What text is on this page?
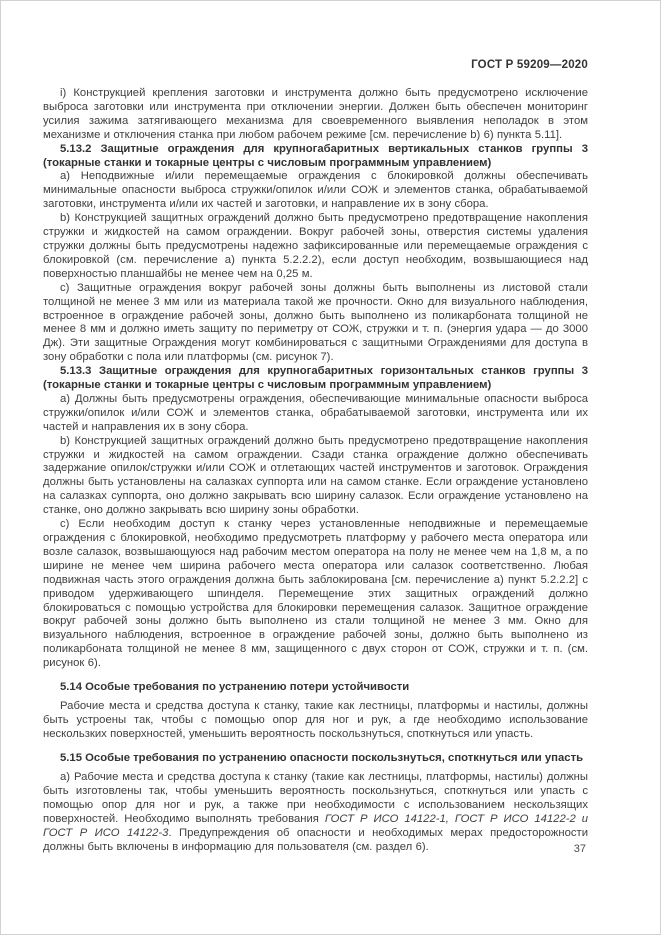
ГОСТ Р 59209—2020

i) Конструкцией крепления заготовки и инструмента должно быть предусмотрено исключение выброса заготовки или инструмента при отключении энергии. Должен быть обеспечен мониторинг усилия зажима затягивающего механизма для своевременного выявления неполадок в этом механизме и отключения станка при любом рабочем режиме [см. перечисление b) 6) пункта 5.11].

5.13.2 Защитные ограждения для крупногабаритных вертикальных станков группы 3 (токарные станки и токарные центры с числовым программным управлением)

a) Неподвижные и/или перемещаемые ограждения с блокировкой должны обеспечивать минимальные опасности выброса стружки/опилок и/или СОЖ и элементов станка, обрабатываемой заготовки, инструмента и/или их частей и заготовки, и направление их в зону сбора.

b) Конструкцией защитных ограждений должно быть предусмотрено предотвращение накопления стружки и жидкостей на самом ограждении. Вокруг рабочей зоны, отверстия системы удаления стружки должны быть предусмотрены надежно зафиксированные или перемещаемые ограждения с блокировкой (см. перечисление a) пункта 5.2.2.2), если доступ необходим, возвышающиеся над поверхностью планшайбы не менее чем на 0,25 м.

c) Защитные ограждения вокруг рабочей зоны должны быть выполнены из листовой стали толщиной не менее 3 мм или из материала такой же прочности. Окно для визуального наблюдения, встроенное в ограждение рабочей зоны, должно быть выполнено из поликарбоната толщиной не менее 8 мм и должно иметь защиту по периметру от СОЖ, стружки и т. п. (энергия удара — до 3000 Дж). Эти защитные Ограждения могут комбинироваться с защитными Ограждениями для доступа в зону обработки с пола или платформы (см. рисунок 7).

5.13.3 Защитные ограждения для крупногабаритных горизонтальных станков группы 3 (токарные станки и токарные центры с числовым программным управлением)

a) Должны быть предусмотрены ограждения, обеспечивающие минимальные опасности выброса стружки/опилок и/или СОЖ и элементов станка, обрабатываемой заготовки, инструмента или их частей и направления их в зону сбора.

b) Конструкцией защитных ограждений должно быть предусмотрено предотвращение накопления стружки и жидкостей на самом ограждении. Сзади станка ограждение должно обеспечивать задержание опилок/стружки и/или СОЖ и отлетающих частей инструментов и заготовок. Ограждения должны быть установлены на салазках суппорта или на самом станке. Если ограждение установлено на салазках суппорта, оно должно закрывать всю ширину салазок. Если ограждение установлено на станке, оно должно закрывать всю ширину зоны обработки.

c) Если необходим доступ к станку через установленные неподвижные и перемещаемые ограждения с блокировкой, необходимо предусмотреть платформу у рабочего места оператора или возле салазок, возвышающуюся над рабочим местом оператора на полу не менее чем на 1,8 м, а по ширине не менее чем ширина рабочего места оператора или салазок соответственно. Любая подвижная часть этого ограждения должна быть заблокирована [см. перечисление a) пункт 5.2.2.2] с приводом удерживающего шпинделя. Перемещение этих защитных ограждений должно блокироваться с помощью устройства для блокировки перемещения салазок. Защитное ограждение вокруг рабочей зоны должно быть выполнено из стали толщиной не менее 3 мм. Окно для визуального наблюдения, встроенное в ограждение рабочей зоны, должно быть выполнено из поликарбоната толщиной не менее 8 мм, защищенного с двух сторон от СОЖ, стружки и т. п. (см. рисунок 6).

5.14 Особые требования по устранению потери устойчивости

Рабочие места и средства доступа к станку, такие как лестницы, платформы и настилы, должны быть устроены так, чтобы с помощью опор для ног и рук, а где необходимо использование нескользких поверхностей, уменьшить вероятность поскользнуться, споткнуться или упасть.

5.15 Особые требования по устранению опасности поскользнуться, споткнуться или упасть

a) Рабочие места и средства доступа к станку (такие как лестницы, платформы, настилы) должны быть изготовлены так, чтобы уменьшить вероятность поскользнуться, споткнуться или упасть с помощью опор для ног и рук, а также при необходимости с использованием нескользящих поверхностей. Необходимо выполнять требования ГОСТ Р ИСО 14122-1, ГОСТ Р ИСО 14122-2 и ГОСТ Р ИСО 14122-3. Предупреждения об опасности и необходимых мерах предосторожности должны быть включены в информацию для пользователя (см. раздел 6).	37
